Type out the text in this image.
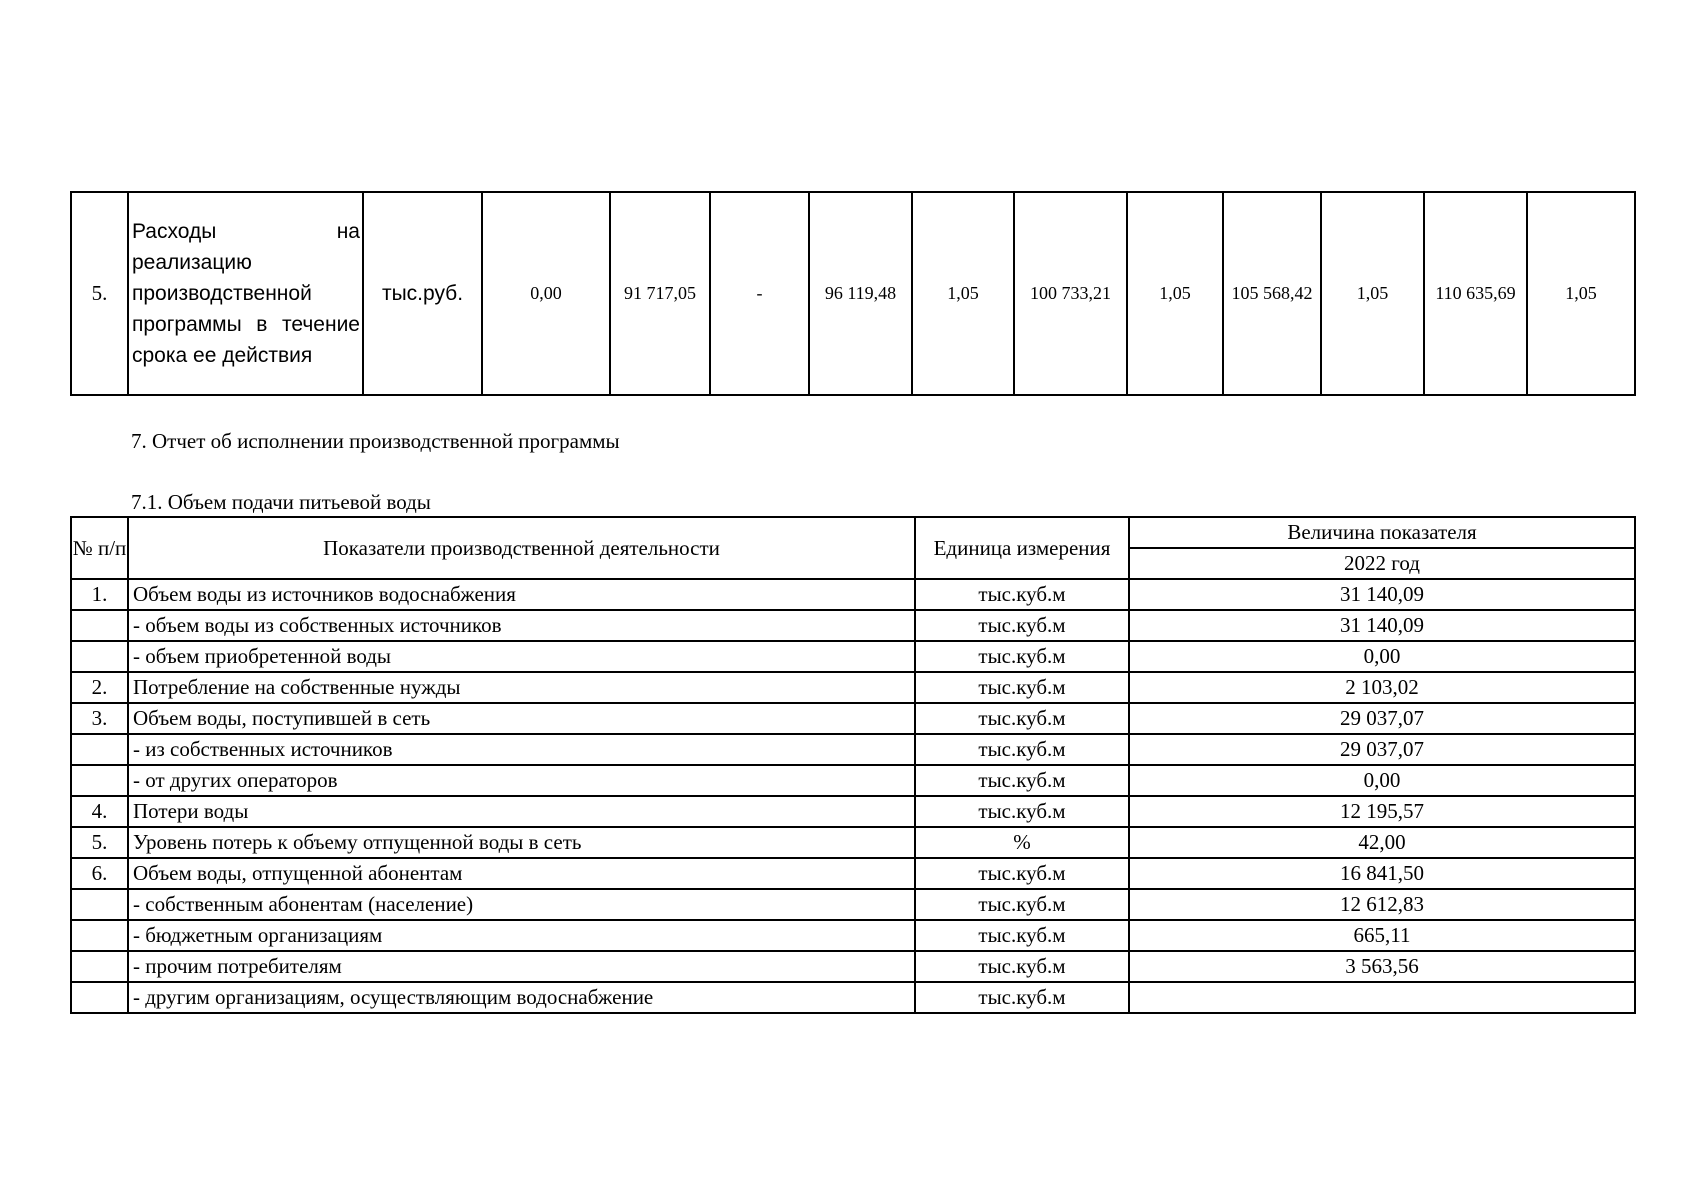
5.	Расходы на реализацию производственной программы в течение срока ее действия	тыс.руб.	0,00	91 717,05	-	96 119,48	1,05	100 733,21	1,05	105 568,42	1,05	110 635,69	1,05

7. Отчет об исполнении производственной программы

7.1. Объем подачи питьевой воды

№ п/п	Показатели производственной деятельности	Единица измерения	Величина показателя
			2022 год
1.	Объем воды из источников водоснабжения	тыс.куб.м	31 140,09
	- объем воды из собственных источников	тыс.куб.м	31 140,09
	- объем приобретенной воды	тыс.куб.м	0,00
2.	Потребление на собственные нужды	тыс.куб.м	2 103,02
3.	Объем воды, поступившей в сеть	тыс.куб.м	29 037,07
	- из собственных источников	тыс.куб.м	29 037,07
	- от других операторов	тыс.куб.м	0,00
4.	Потери воды	тыс.куб.м	12 195,57
5.	Уровень потерь к объему отпущенной воды в сеть	%	42,00
6.	Объем воды, отпущенной абонентам	тыс.куб.м	16 841,50
	- собственным абонентам (население)	тыс.куб.м	12 612,83
	- бюджетным организациям	тыс.куб.м	665,11
	- прочим потребителям	тыс.куб.м	3 563,56
	- другим организациям, осуществляющим водоснабжение	тыс.куб.м	
